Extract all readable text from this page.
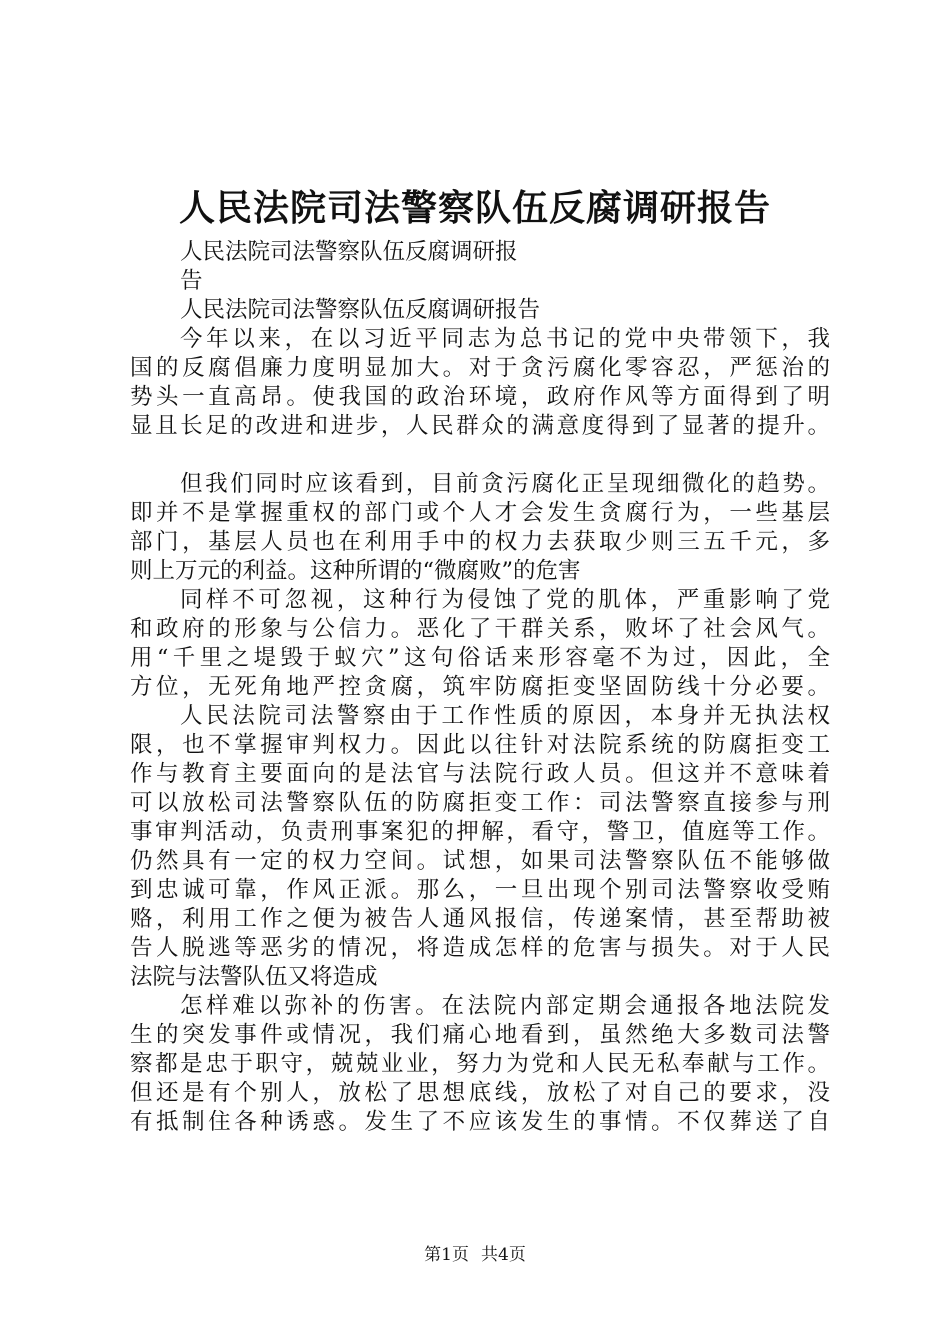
人民法院司法警察队伍反腐调研报告
人民法院司法警察队伍反腐调研报
告
人民法院司法警察队伍反腐调研报告
今年以来，在以习近平同志为总书记的党中央带领下，我
国的反腐倡廉力度明显加大。对于贪污腐化零容忍，严惩治的
势头一直高昂。使我国的政治环境，政府作风等方面得到了明
显且长足的改进和进步，人民群众的满意度得到了显著的提升。
但我们同时应该看到，目前贪污腐化正呈现细微化的趋势。
即并不是掌握重权的部门或个人才会发生贪腐行为，一些基层
部门，基层人员也在利用手中的权力去获取少则三五千元，多
则上万元的利益。这种所谓的“微腐败”的危害
同样不可忽视，这种行为侵蚀了党的肌体，严重影响了党
和政府的形象与公信力。恶化了干群关系，败坏了社会风气。
用“千里之堤毁于蚁穴”这句俗话来形容毫不为过，因此，全
方位，无死角地严控贪腐，筑牢防腐拒变坚固防线十分必要。
人民法院司法警察由于工作性质的原因，本身并无执法权
限，也不掌握审判权力。因此以往针对法院系统的防腐拒变工
作与教育主要面向的是法官与法院行政人员。但这并不意味着
可以放松司法警察队伍的防腐拒变工作：司法警察直接参与刑
事审判活动，负责刑事案犯的押解，看守，警卫，值庭等工作。
仍然具有一定的权力空间。试想，如果司法警察队伍不能够做
到忠诚可靠，作风正派。那么，一旦出现个别司法警察收受贿
赂，利用工作之便为被告人通风报信，传递案情，甚至帮助被
告人脱逃等恶劣的情况，将造成怎样的危害与损失。对于人民
法院与法警队伍又将造成
怎样难以弥补的伤害。在法院内部定期会通报各地法院发
生的突发事件或情况，我们痛心地看到，虽然绝大多数司法警
察都是忠于职守，兢兢业业，努力为党和人民无私奉献与工作。
但还是有个别人，放松了思想底线，放松了对自己的要求，没
有抵制住各种诱惑。发生了不应该发生的事情。不仅葬送了自
第1页 共4页
